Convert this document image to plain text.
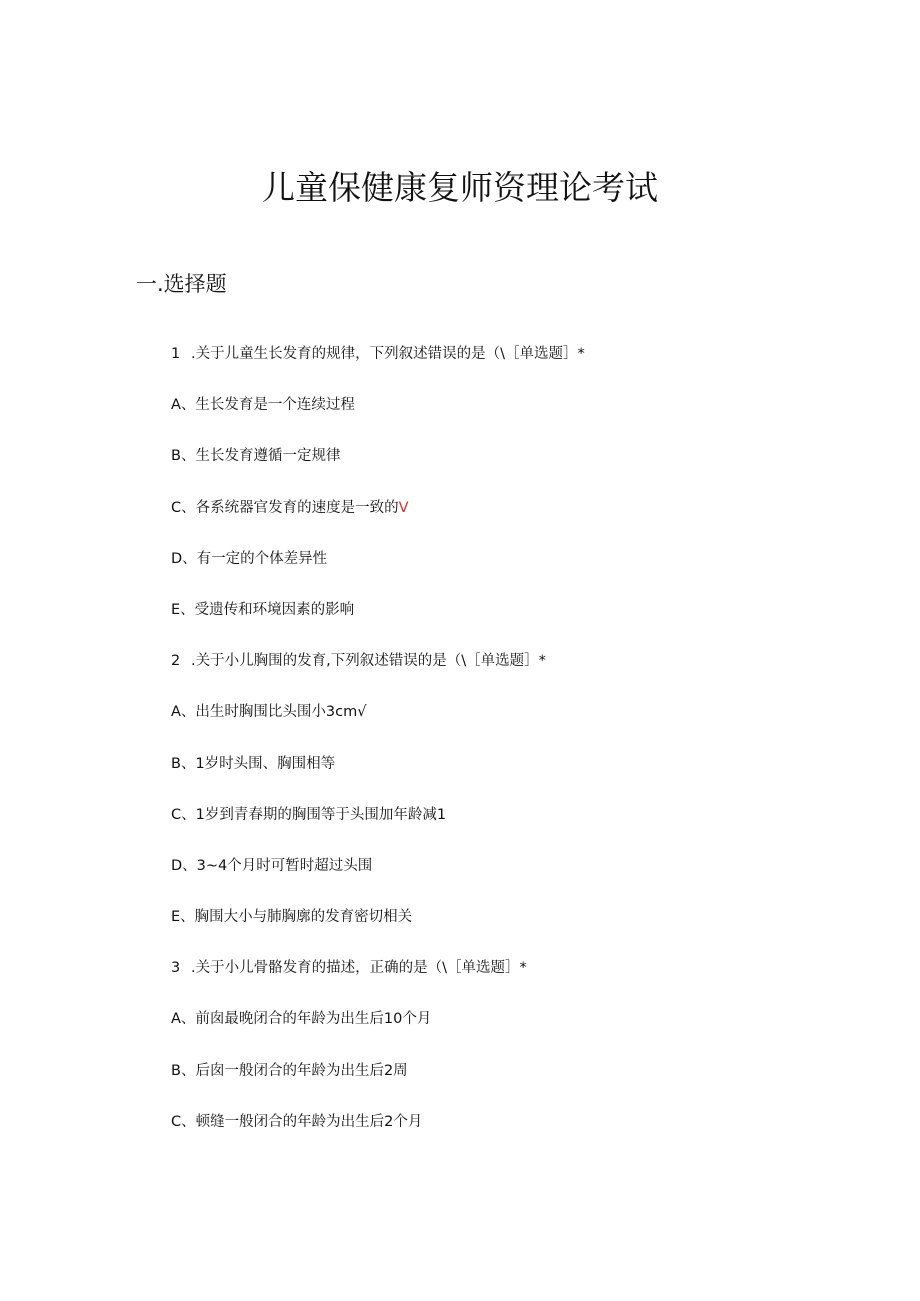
儿童保健康复师资理论考试
一.选择题
1 .关于儿童生长发育的规律，下列叙述错误的是（\［单选题］*
A、生长发育是一个连续过程
B、生长发育遵循一定规律
C、各系统器官发育的速度是一致的V
D、有一定的个体差异性
E、受遗传和环境因素的影响
2 .关于小儿胸围的发育,下列叙述错误的是（\［单选题］*
A、出生时胸围比头围小3cm√
B、1岁时头围、胸围相等
C、1岁到青春期的胸围等于头围加年龄减1
D、3~4个月时可暂时超过头围
E、胸围大小与肺胸廓的发育密切相关
3 .关于小儿骨骼发育的描述，正确的是（\［单选题］*
A、前囱最晚闭合的年龄为出生后10个月
B、后囱一般闭合的年龄为出生后2周
C、顿缝一般闭合的年龄为出生后2个月
